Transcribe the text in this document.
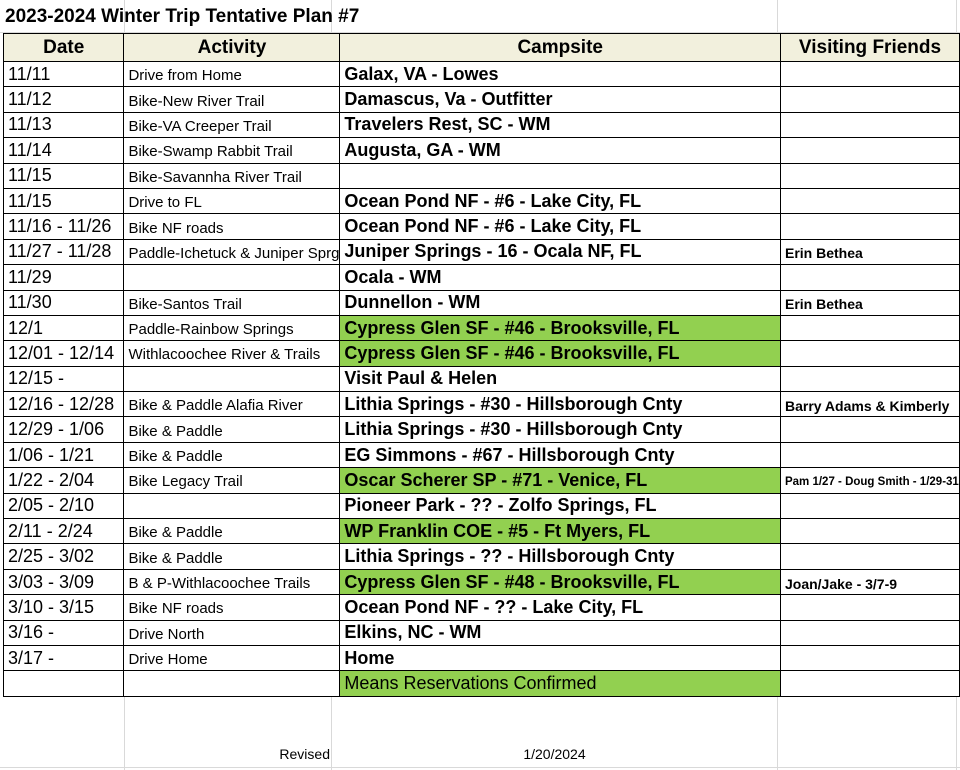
2023-2024 Winter Trip Tentative Plan #7
Date	Activity	Campsite	Visiting Friends
11/11	Drive from Home	Galax, VA - Lowes	
11/12	Bike-New River Trail	Damascus, Va - Outfitter	
11/13	Bike-VA Creeper Trail	Travelers Rest, SC - WM	
11/14	Bike-Swamp Rabbit Trail	Augusta, GA - WM	
11/15	Bike-Savannha River Trail		
11/15	Drive to FL	Ocean Pond NF - #6 - Lake City, FL	
11/16 - 11/26	Bike NF roads	Ocean Pond NF - #6 - Lake City, FL	
11/27 - 11/28	Paddle-Ichetuck & Juniper Sprg	Juniper Springs - 16 - Ocala NF, FL	Erin Bethea
11/29		Ocala - WM	
11/30	Bike-Santos Trail	Dunnellon - WM	Erin Bethea
12/1	Paddle-Rainbow Springs	Cypress Glen SF - #46 - Brooksville, FL	
12/01 - 12/14	Withlacoochee River & Trails	Cypress Glen SF - #46 - Brooksville, FL	
12/15 -		Visit Paul & Helen	
12/16 - 12/28	Bike & Paddle Alafia River	Lithia Springs - #30 - Hillsborough Cnty	Barry Adams & Kimberly
12/29 - 1/06	Bike & Paddle	Lithia Springs - #30 - Hillsborough Cnty	
1/06 - 1/21	Bike & Paddle	EG Simmons - #67 - Hillsborough Cnty	
1/22 - 2/04	Bike Legacy Trail	Oscar Scherer SP - #71 - Venice, FL	Pam 1/27 - Doug Smith - 1/29-31
2/05 - 2/10		Pioneer Park - ?? - Zolfo Springs, FL	
2/11 - 2/24	Bike & Paddle	WP Franklin COE - #5 - Ft Myers, FL	
2/25 - 3/02	Bike & Paddle	Lithia Springs - ?? - Hillsborough Cnty	
3/03 - 3/09	B & P-Withlacoochee Trails	Cypress Glen SF - #48 - Brooksville, FL	Joan/Jake - 3/7-9
3/10 - 3/15	Bike NF roads	Ocean Pond NF - ?? - Lake City, FL	
3/16 -	Drive North	Elkins, NC - WM	
3/17 -	Drive Home	Home	
		Means Reservations Confirmed	
Revised	1/20/2024
